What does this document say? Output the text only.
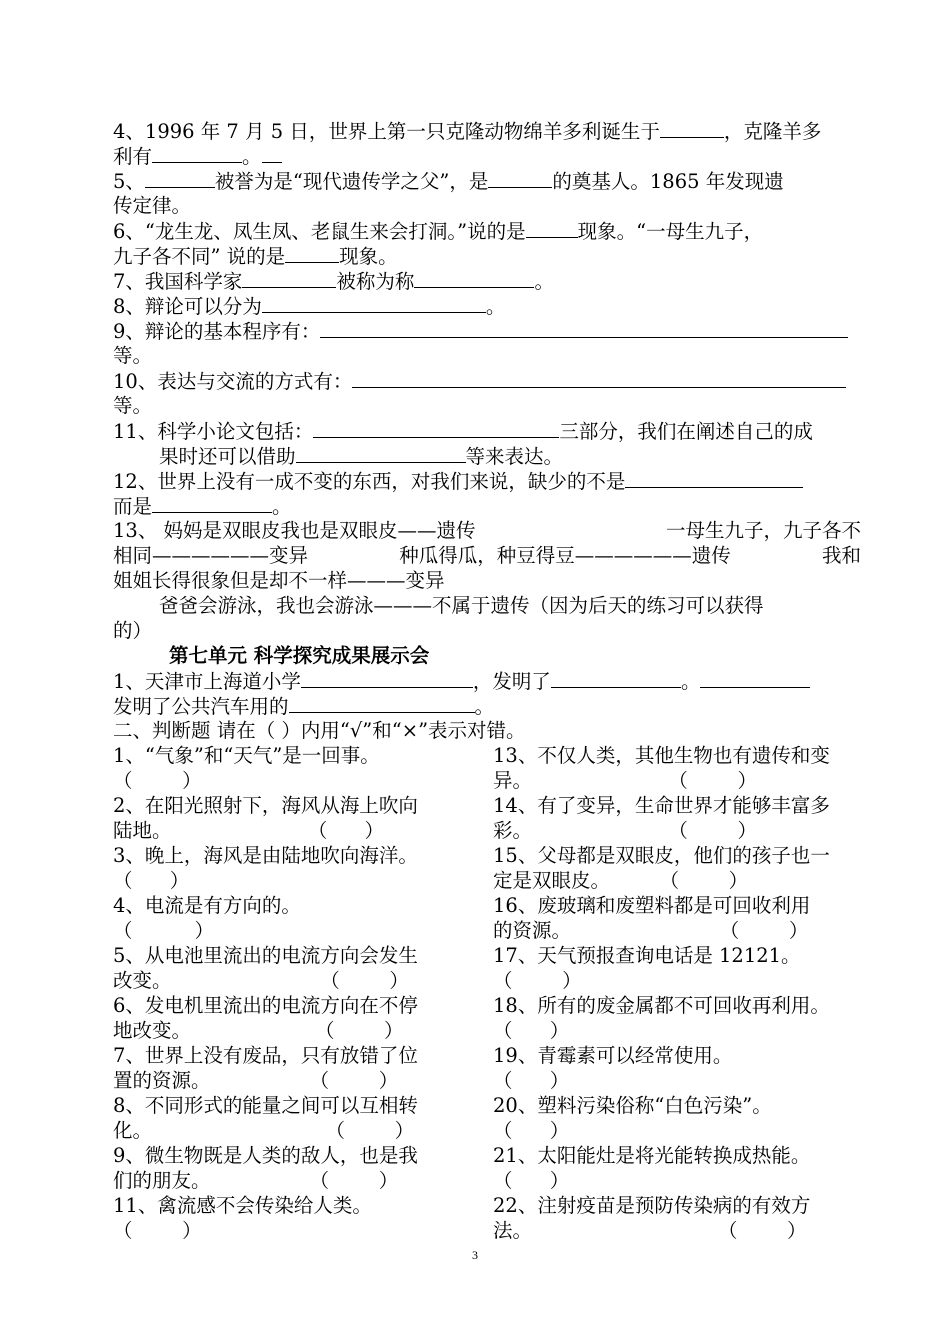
4、1996 年 7 月 5 日，世界上第一只克隆动物绵羊多利诞生于	，克隆羊多
利有	。
5、	被誉为是“现代遗传学之父”，是	的奠基人。1865 年发现遗
传定律。
6、“龙生龙、凤生凤、老鼠生来会打洞。”说的是	现象。“一母生九子，
九子各不同” 说的是	现象。
7、我国科学家	被称为称	。
8、辩论可以分为	。
9、辩论的基本程序有：
等。
10、表达与交流的方式有：
等。
11、科学小论文包括：	三部分，我们在阐述自己的成
果时还可以借助	等来表达。
12、世界上没有一成不变的东西，对我们来说，缺少的不是
而是	。
13、 妈妈是双眼皮我也是双眼皮——遗传	一母生九子，九子各不
相同——————变异	种瓜得瓜，种豆得豆——————遗传	我和
姐姐长得很象但是却不一样———变异
爸爸会游泳，我也会游泳———不属于遗传（因为后天的练习可以获得
的）
第七单元 科学探究成果展示会
1、天津市上海道小学	，发明了	。
发明了公共汽车用的	。
二、判断题 请在（ ）内用“√”和“×”表示对错。
1、“气象”和“天气”是一回事。
（        ）
2、在阳光照射下，海风从海上吹向
陆地。                      （      ）
3、晚上，海风是由陆地吹向海洋。
（      ）
4、电流是有方向的。
（          ）
5、从电池里流出的电流方向会发生
改变。                        （        ）
6、发电机里流出的电流方向在不停
地改变。                    （        ）
7、世界上没有废品，只有放错了位
置的资源。                （        ）
8、不同形式的能量之间可以互相转
化。                            （        ）
9、微生物既是人类的敌人，也是我
们的朋友。                （        ）
11、禽流感不会传染给人类。
（        ）
13、不仅人类，其他生物也有遗传和变
异。                      （        ）
14、有了变异，生命世界才能够丰富多
彩。                      （        ）
15、父母都是双眼皮，他们的孩子也一
定是双眼皮。        （        ）
16、废玻璃和废塑料都是可回收利用
的资源。                        （        ）
17、天气预报查询电话是 12121。
（        ）
18、所有的废金属都不可回收再利用。
（      ）
19、青霉素可以经常使用。
（      ）
20、塑料污染俗称“白色污染”。
（      ）
21、太阳能灶是将光能转换成热能。
（      ）
22、注射疫苗是预防传染病的有效方
法。                              （        ）
3
